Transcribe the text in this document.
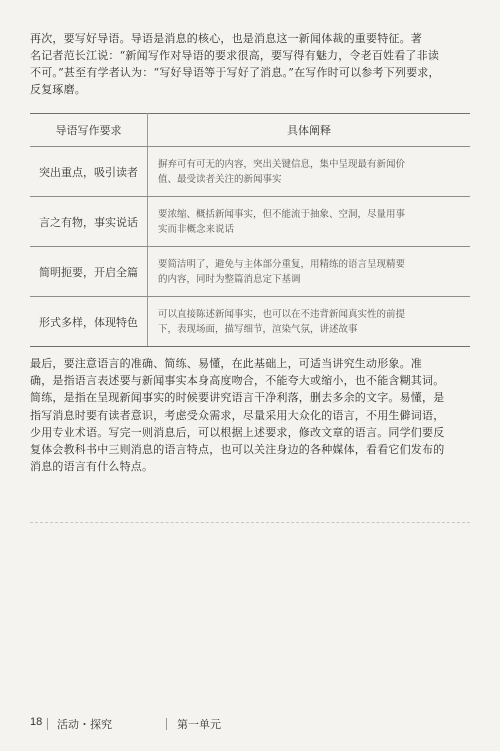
再次，要写好导语。导语是消息的核心，也是消息这一新闻体裁的重要特征。著
名记者范长江说：“新闻写作对导语的要求很高，要写得有魅力，令老百姓看了非读
不可。”甚至有学者认为：“写好导语等于写好了消息。”在写作时可以参考下列要求，
反复琢磨。
导语写作要求	具体阐释
突出重点，吸引读者	摒弃可有可无的内容，突出关键信息，集中呈现最有新闻价
值、最受读者关注的新闻事实

言之有物，事实说话	要浓缩、概括新闻事实，但不能流于抽象、空洞，尽量用事
实而非概念来说话

简明扼要，开启全篇	要简洁明了，避免与主体部分重复，用精练的语言呈现精要
的内容，同时为整篇消息定下基调

形式多样，体现特色	可以直接陈述新闻事实，也可以在不违背新闻真实性的前提
下，表现场面，描写细节，渲染气氛，讲述故事
最后，要注意语言的准确、简练、易懂，在此基础上，可适当讲究生动形象。准
确，是指语言表述要与新闻事实本身高度吻合，不能夸大或缩小，也不能含糊其词。
简练，是指在呈现新闻事实的时候要讲究语言干净利落，删去多余的文字。易懂，是
指写消息时要有读者意识，考虑受众需求，尽量采用大众化的语言，不用生僻词语，
少用专业术语。写完一则消息后，可以根据上述要求，修改文章的语言。同学们要反
复体会教科书中三则消息的语言特点，也可以关注身边的各种媒体，看看它们发布的
消息的语言有什么特点。
18 活动・探究	第一单元
